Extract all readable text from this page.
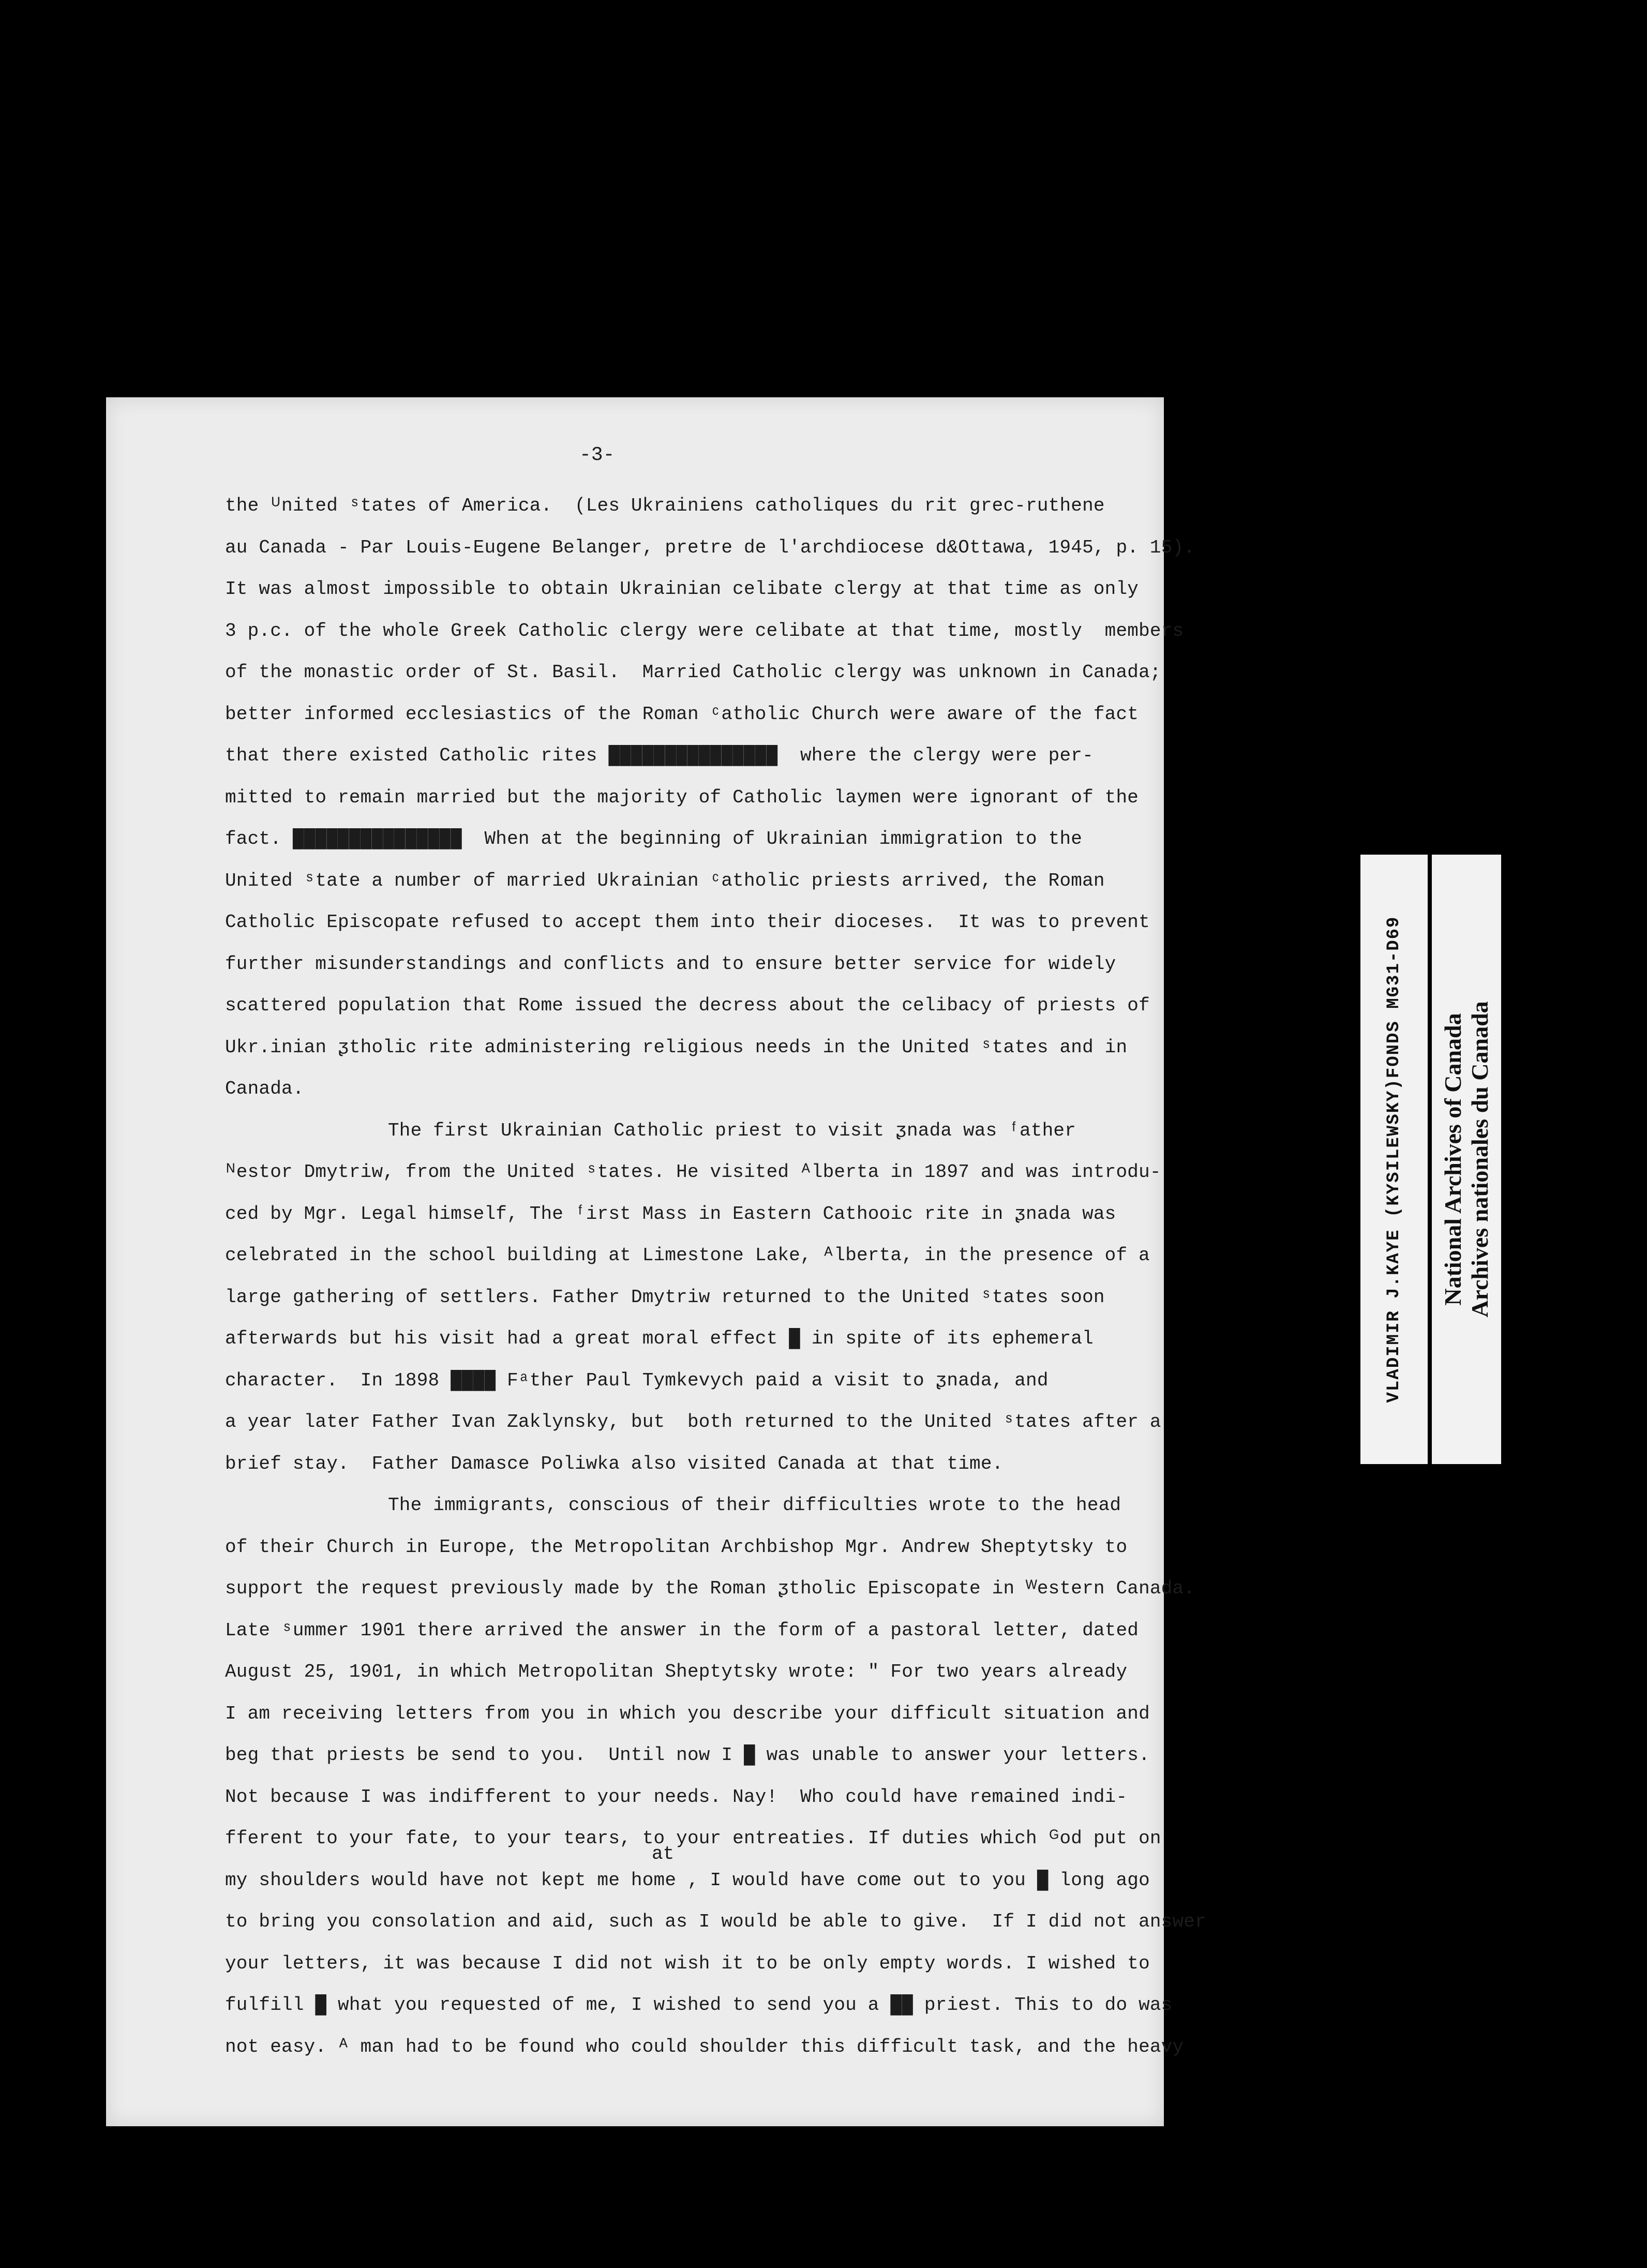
-3-
the ᵁnited ˢtates of America.  (Les Ukrainiens catholiques du rit grec-ruthene
au Canada - Par Louis-Eugene Belanger, pretre de l'archdiocese d&Ottawa, 1945, p. 15).
It was almost impossible to obtain Ukrainian celibate clergy at that time as only
3 p.c. of the whole Greek Catholic clergy were celibate at that time, mostly  members
of the monastic order of St. Basil.  Married Catholic clergy was unknown in Canada;
better informed ecclesiastics of the Roman ᶜatholic Church were aware of the fact
that there existed Catholic rites ███████████████  where the clergy were per-
mitted to remain married but the majority of Catholic laymen were ignorant of the
fact. ███████████████  When at the beginning of Ukrainian immigration to the
United ˢtate a number of married Ukrainian ᶜatholic priests arrived, the Roman
Catholic Episcopate refused to accept them into their dioceses.  It was to prevent
further misunderstandings and conflicts and to ensure better service for widely
scattered population that Rome issued the decress about the celibacy of priests of
Ukr.inian ᶚtholic rite administering religious needs in the United ˢtates and in
Canada.
The first Ukrainian Catholic priest to visit ᶚnada was ᶠather
ᴺestor Dmytriw, from the United ˢtates. He visited ᴬlberta in 1897 and was introdu-
ced by Mgr. Legal himself, The ᶠirst Mass in Eastern Cathooic rite in ᶚnada was
celebrated in the school building at Limestone Lake, ᴬlberta, in the presence of a
large gathering of settlers. Father Dmytriw returned to the United ˢtates soon
afterwards but his visit had a great moral effect █ in spite of its ephemeral
character.  In 1898 ████ Fᵃther Paul Tymkevych paid a visit to ᶚnada, and
a year later Father Ivan Zaklynsky, but  both returned to the United ˢtates after a
brief stay.  Father Damasce Poliwka also visited Canada at that time.
The immigrants, conscious of their difficulties wrote to the head
of their Church in Europe, the Metropolitan Archbishop Mgr. Andrew Sheptytsky to
support the request previously made by the Roman ᶚtholic Episcopate in ᵂestern Canada.
Late ˢummer 1901 there arrived the answer in the form of a pastoral letter, dated
August 25, 1901, in which Metropolitan Sheptytsky wrote: " For two years already
I am receiving letters from you in which you describe your difficult situation and
beg that priests be send to you.  Until now I █ was unable to answer your letters.
Not because I was indifferent to your needs. Nay!  Who could have remained indi-
fferent to your fate, to your tears, to your entreaties. If duties which ᴳod put on
my shoulders would have not kept me home , I would have come out to you █ long ago
to bring you consolation and aid, such as I would be able to give.  If I did not answer
your letters, it was because I did not wish it to be only empty words. I wished to
fulfill █ what you requested of me, I wished to send you a ██ priest. This to do was
not easy. ᴬ man had to be found who could shoulder this difficult task, and the heavy
at
VLADIMIR J.KAYE (KYSILEWSKY)FONDS MG31-D69 National Archives of Canada Archives nationales du Canada
